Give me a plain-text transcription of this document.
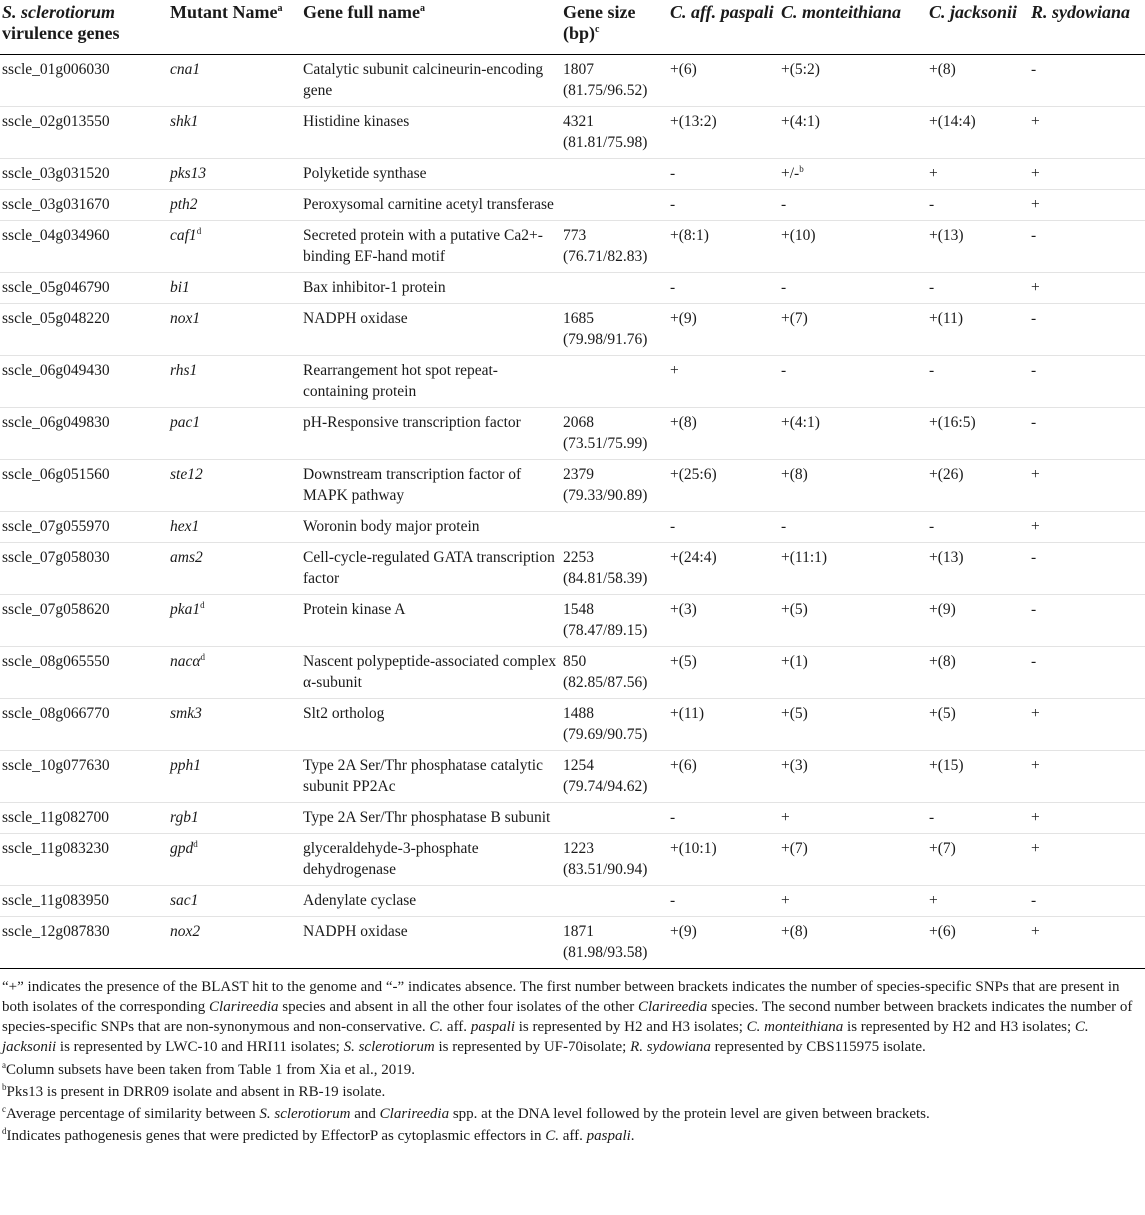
S. sclerotiorum virulence genes	Mutant Name$^a$	Gene full name$^a$	Gene size (bp)$^c$	C. aff. paspali	C. monteithiana	C. jacksonii	R. sydowiana
sscle_01g006030	cna1	Catalytic subunit calcineurin-encoding gene	1807 (81.75/96.52)	+(6)	+(5:2)	+(8)	-
sscle_02g013550	shk1	Histidine kinases	4321 (81.81/75.98)	+(13:2)	+(4:1)	+(14:4)	+
sscle_03g031520	pks13	Polyketide synthase		-	+/-$^b$	+	+
sscle_03g031670	pth2	Peroxysomal carnitine acetyl transferase		-	-	-	+
sscle_04g034960	caf1$^d$	Secreted protein with a putative Ca2+-binding EF-hand motif	773 (76.71/82.83)	+(8:1)	+(10)	+(13)	-
sscle_05g046790	bi1	Bax inhibitor-1 protein		-	-	-	+
sscle_05g048220	nox1	NADPH oxidase	1685 (79.98/91.76)	+(9)	+(7)	+(11)	-
sscle_06g049430	rhs1	Rearrangement hot spot repeat-containing protein		+	-	-	-
sscle_06g049830	pac1	pH-Responsive transcription factor	2068 (73.51/75.99)	+(8)	+(4:1)	+(16:5)	-
sscle_06g051560	ste12	Downstream transcription factor of MAPK pathway	2379 (79.33/90.89)	+(25:6)	+(8)	+(26)	+
sscle_07g055970	hex1	Woronin body major protein		-	-	-	+
sscle_07g058030	ams2	Cell-cycle-regulated GATA transcription factor	2253 (84.81/58.39)	+(24:4)	+(11:1)	+(13)	-
sscle_07g058620	pka1$^d$	Protein kinase A	1548 (78.47/89.15)	+(3)	+(5)	+(9)	-
sscle_08g065550	nacα$^d$	Nascent polypeptide-associated complex α-subunit	850 (82.85/87.56)	+(5)	+(1)	+(8)	-
sscle_08g066770	smk3	Slt2 ortholog	1488 (79.69/90.75)	+(11)	+(5)	+(5)	+
sscle_10g077630	pph1	Type 2A Ser/Thr phosphatase catalytic subunit PP2Ac	1254 (79.74/94.62)	+(6)	+(3)	+(15)	+
sscle_11g082700	rgb1	Type 2A Ser/Thr phosphatase B subunit		-	+	-	+
sscle_11g083230	gpd$^d$	glyceraldehyde-3-phosphate dehydrogenase	1223 (83.51/90.94)	+(10:1)	+(7)	+(7)	+
sscle_11g083950	sac1	Adenylate cyclase		-	+	+	-
sscle_12g087830	nox2	NADPH oxidase	1871 (81.98/93.58)	+(9)	+(8)	+(6)	+

“+” indicates the presence of the BLAST hit to the genome and “-” indicates absence. The first number between brackets indicates the number of species-specific SNPs that are present in both isolates of the corresponding Clarireedia species and absent in all the other four isolates of the other Clarireedia species. The second number between brackets indicates the number of species-specific SNPs that are non-synonymous and non-conservative. C. aff. paspali is represented by H2 and H3 isolates; C. monteithiana is represented by H2 and H3 isolates; C. jacksonii is represented by LWC-10 and HRI11 isolates; S. sclerotiorum is represented by UF-70isolate; R. sydowiana represented by CBS115975 isolate.

$^a$Column subsets have been taken from Table 1 from Xia et al., 2019.

$^b$Pks13 is present in DRR09 isolate and absent in RB-19 isolate.

$^c$Average percentage of similarity between S. sclerotiorum and Clarireedia spp. at the DNA level followed by the protein level are given between brackets.

$^d$Indicates pathogenesis genes that were predicted by EffectorP as cytoplasmic effectors in C. aff. paspali.
